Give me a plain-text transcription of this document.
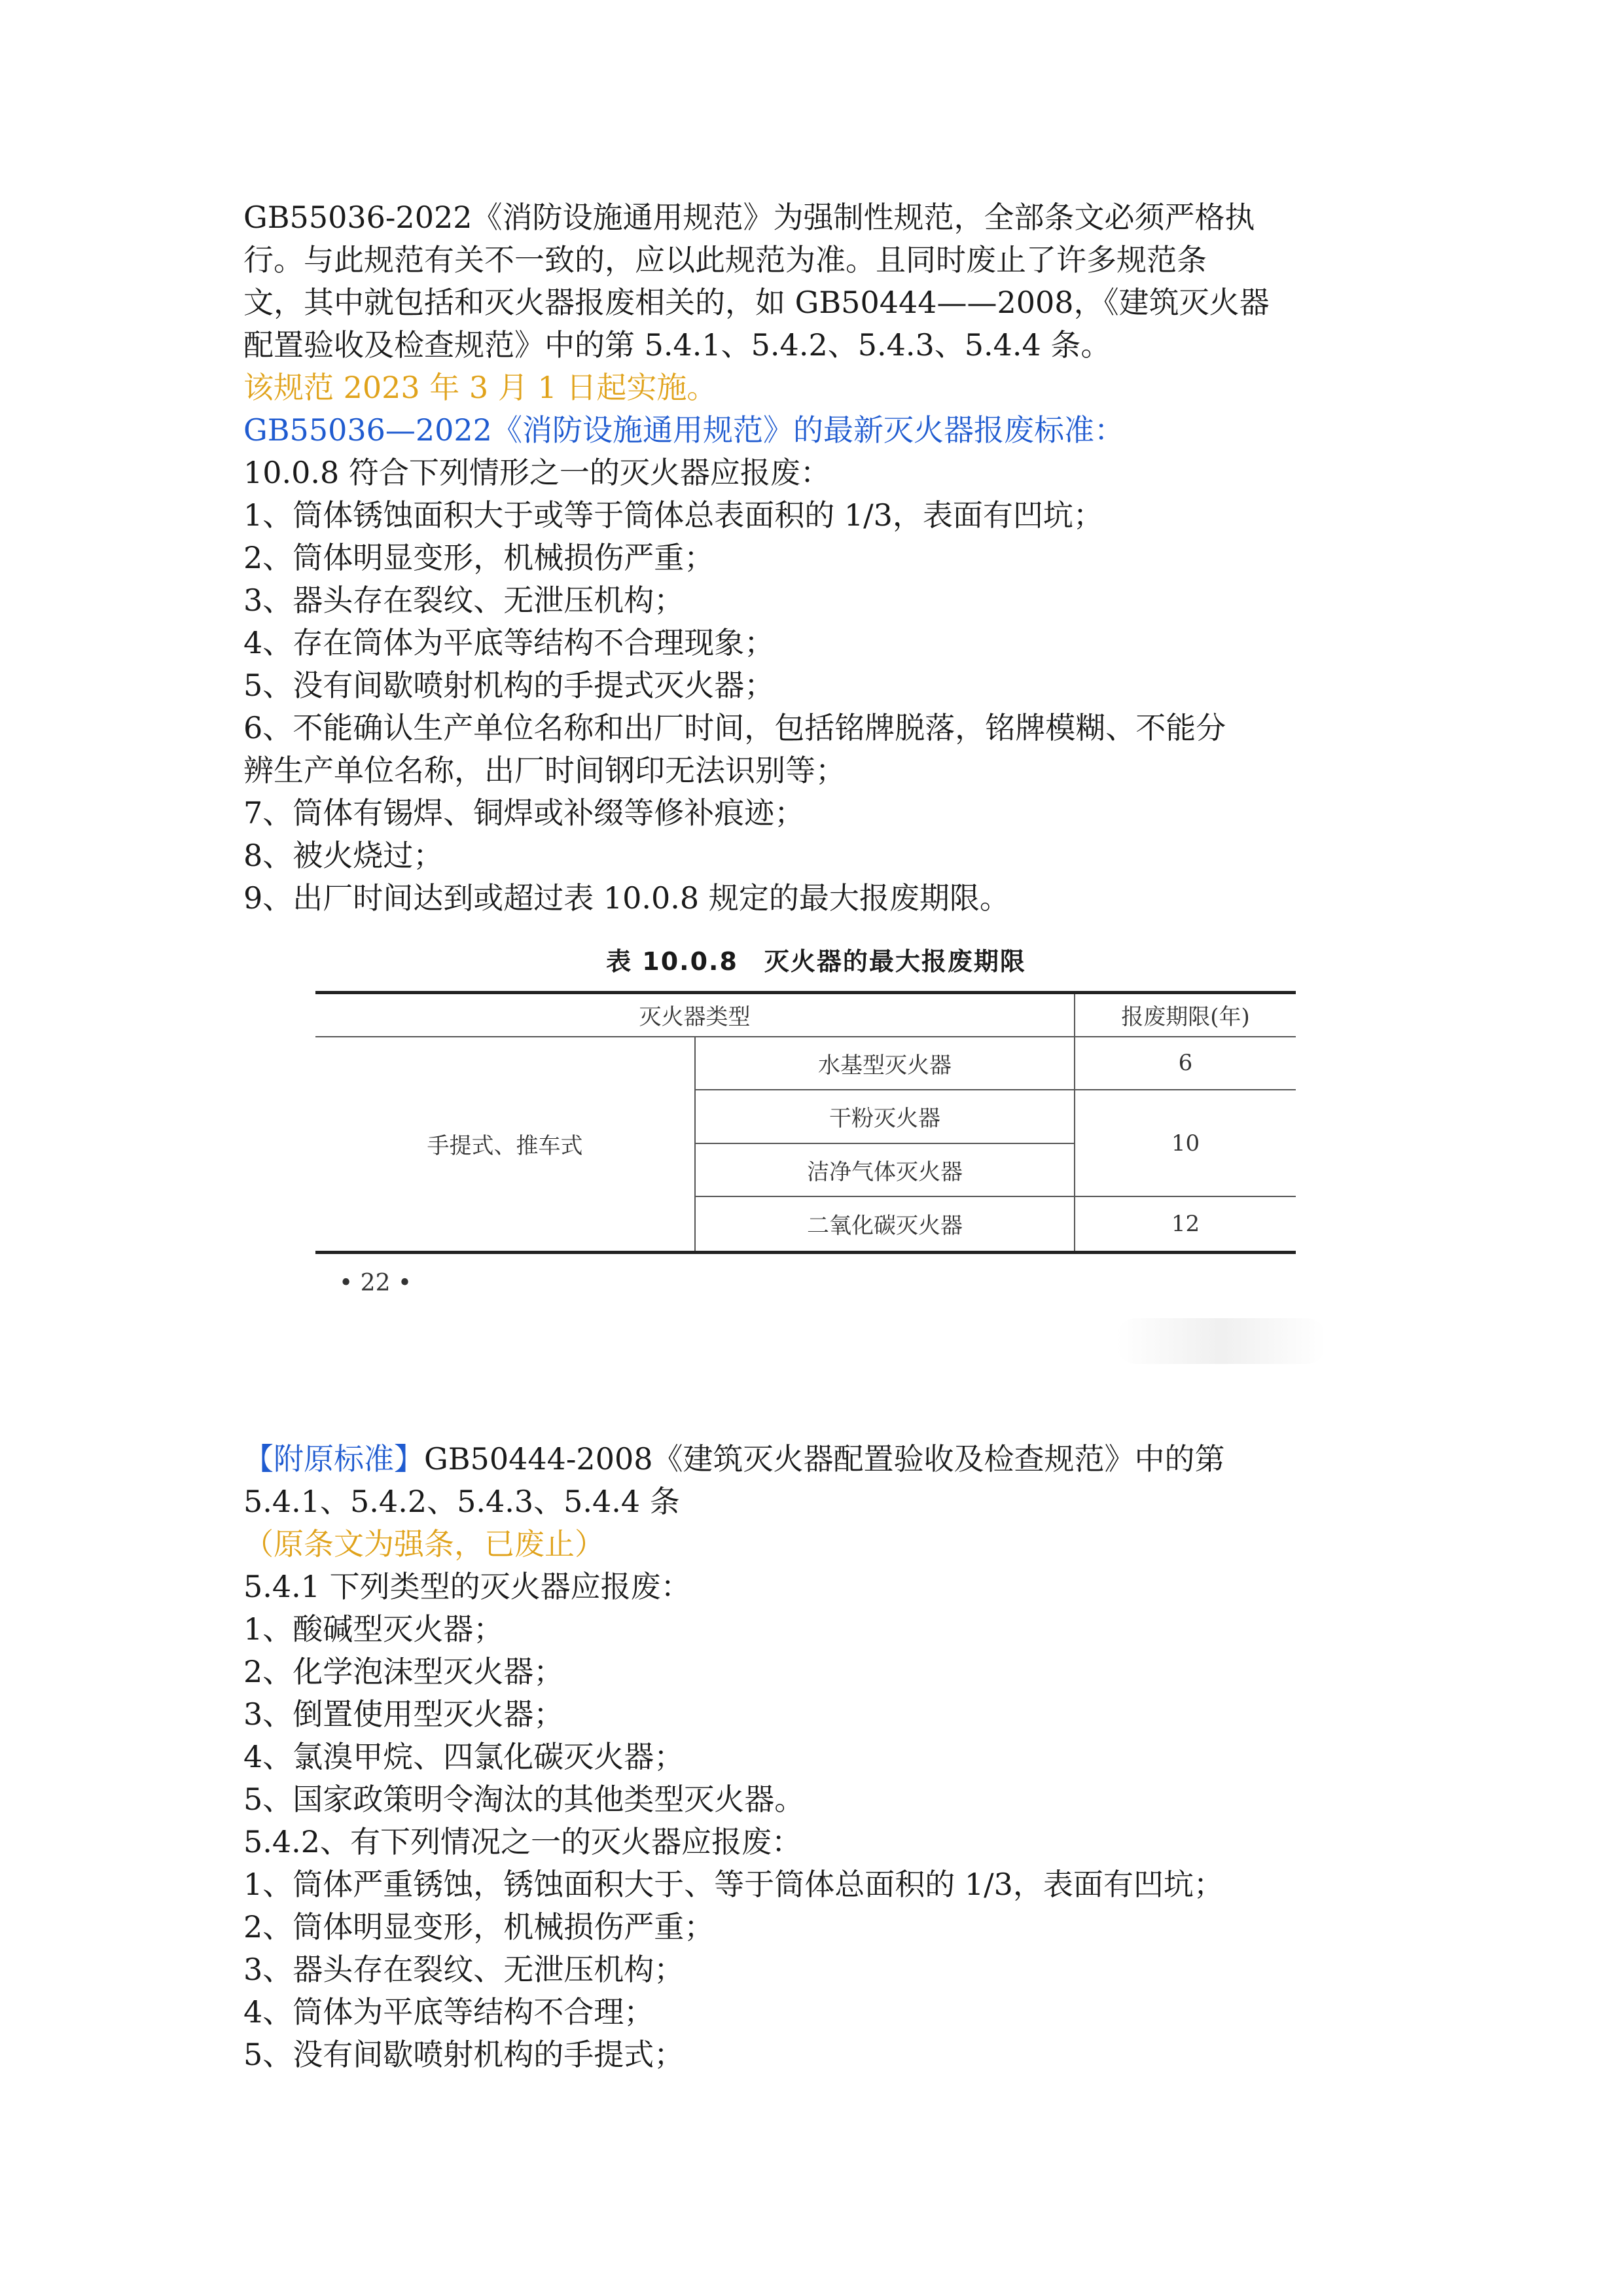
GB55036-2022《消防设施通用规范》为强制性规范，全部条文必须严格执
行。与此规范有关不一致的，应以此规范为准。且同时废止了许多规范条
文，其中就包括和灭火器报废相关的，如 GB50444——2008，《建筑灭火器
配置验收及检查规范》中的第 5.4.1、5.4.2、5.4.3、5.4.4 条。
该规范 2023 年 3 月 1 日起实施。
GB55036—2022《消防设施通用规范》的最新灭火器报废标准：
10.0.8 符合下列情形之一的灭火器应报废：
1、筒体锈蚀面积大于或等于筒体总表面积的 1/3，表面有凹坑；
2、筒体明显变形，机械损伤严重；
3、器头存在裂纹、无泄压机构；
4、存在筒体为平底等结构不合理现象；
5、没有间歇喷射机构的手提式灭火器；
6、不能确认生产单位名称和出厂时间，包括铭牌脱落，铭牌模糊、不能分
辨生产单位名称，出厂时间钢印无法识别等；
7、筒体有锡焊、铜焊或补缀等修补痕迹；
8、被火烧过；
9、出厂时间达到或超过表 10.0.8 规定的最大报废期限。
表 10.0.8　灭火器的最大报废期限
灭火器类型		报废期限(年)
手提式、推车式	水基型灭火器	6
	干粉灭火器	10
	洁净气体灭火器	
	二氧化碳灭火器	12
• 22 •
【附原标准】GB50444-2008《建筑灭火器配置验收及检查规范》中的第
5.4.1、5.4.2、5.4.3、5.4.4 条
（原条文为强条，已废止）
5.4.1 下列类型的灭火器应报废：
1、酸碱型灭火器；
2、化学泡沫型灭火器；
3、倒置使用型灭火器；
4、氯溴甲烷、四氯化碳灭火器；
5、国家政策明令淘汰的其他类型灭火器。
5.4.2、有下列情况之一的灭火器应报废：
1、筒体严重锈蚀，锈蚀面积大于、等于筒体总面积的 1/3，表面有凹坑；
2、筒体明显变形，机械损伤严重；
3、器头存在裂纹、无泄压机构；
4、筒体为平底等结构不合理；
5、没有间歇喷射机构的手提式；
